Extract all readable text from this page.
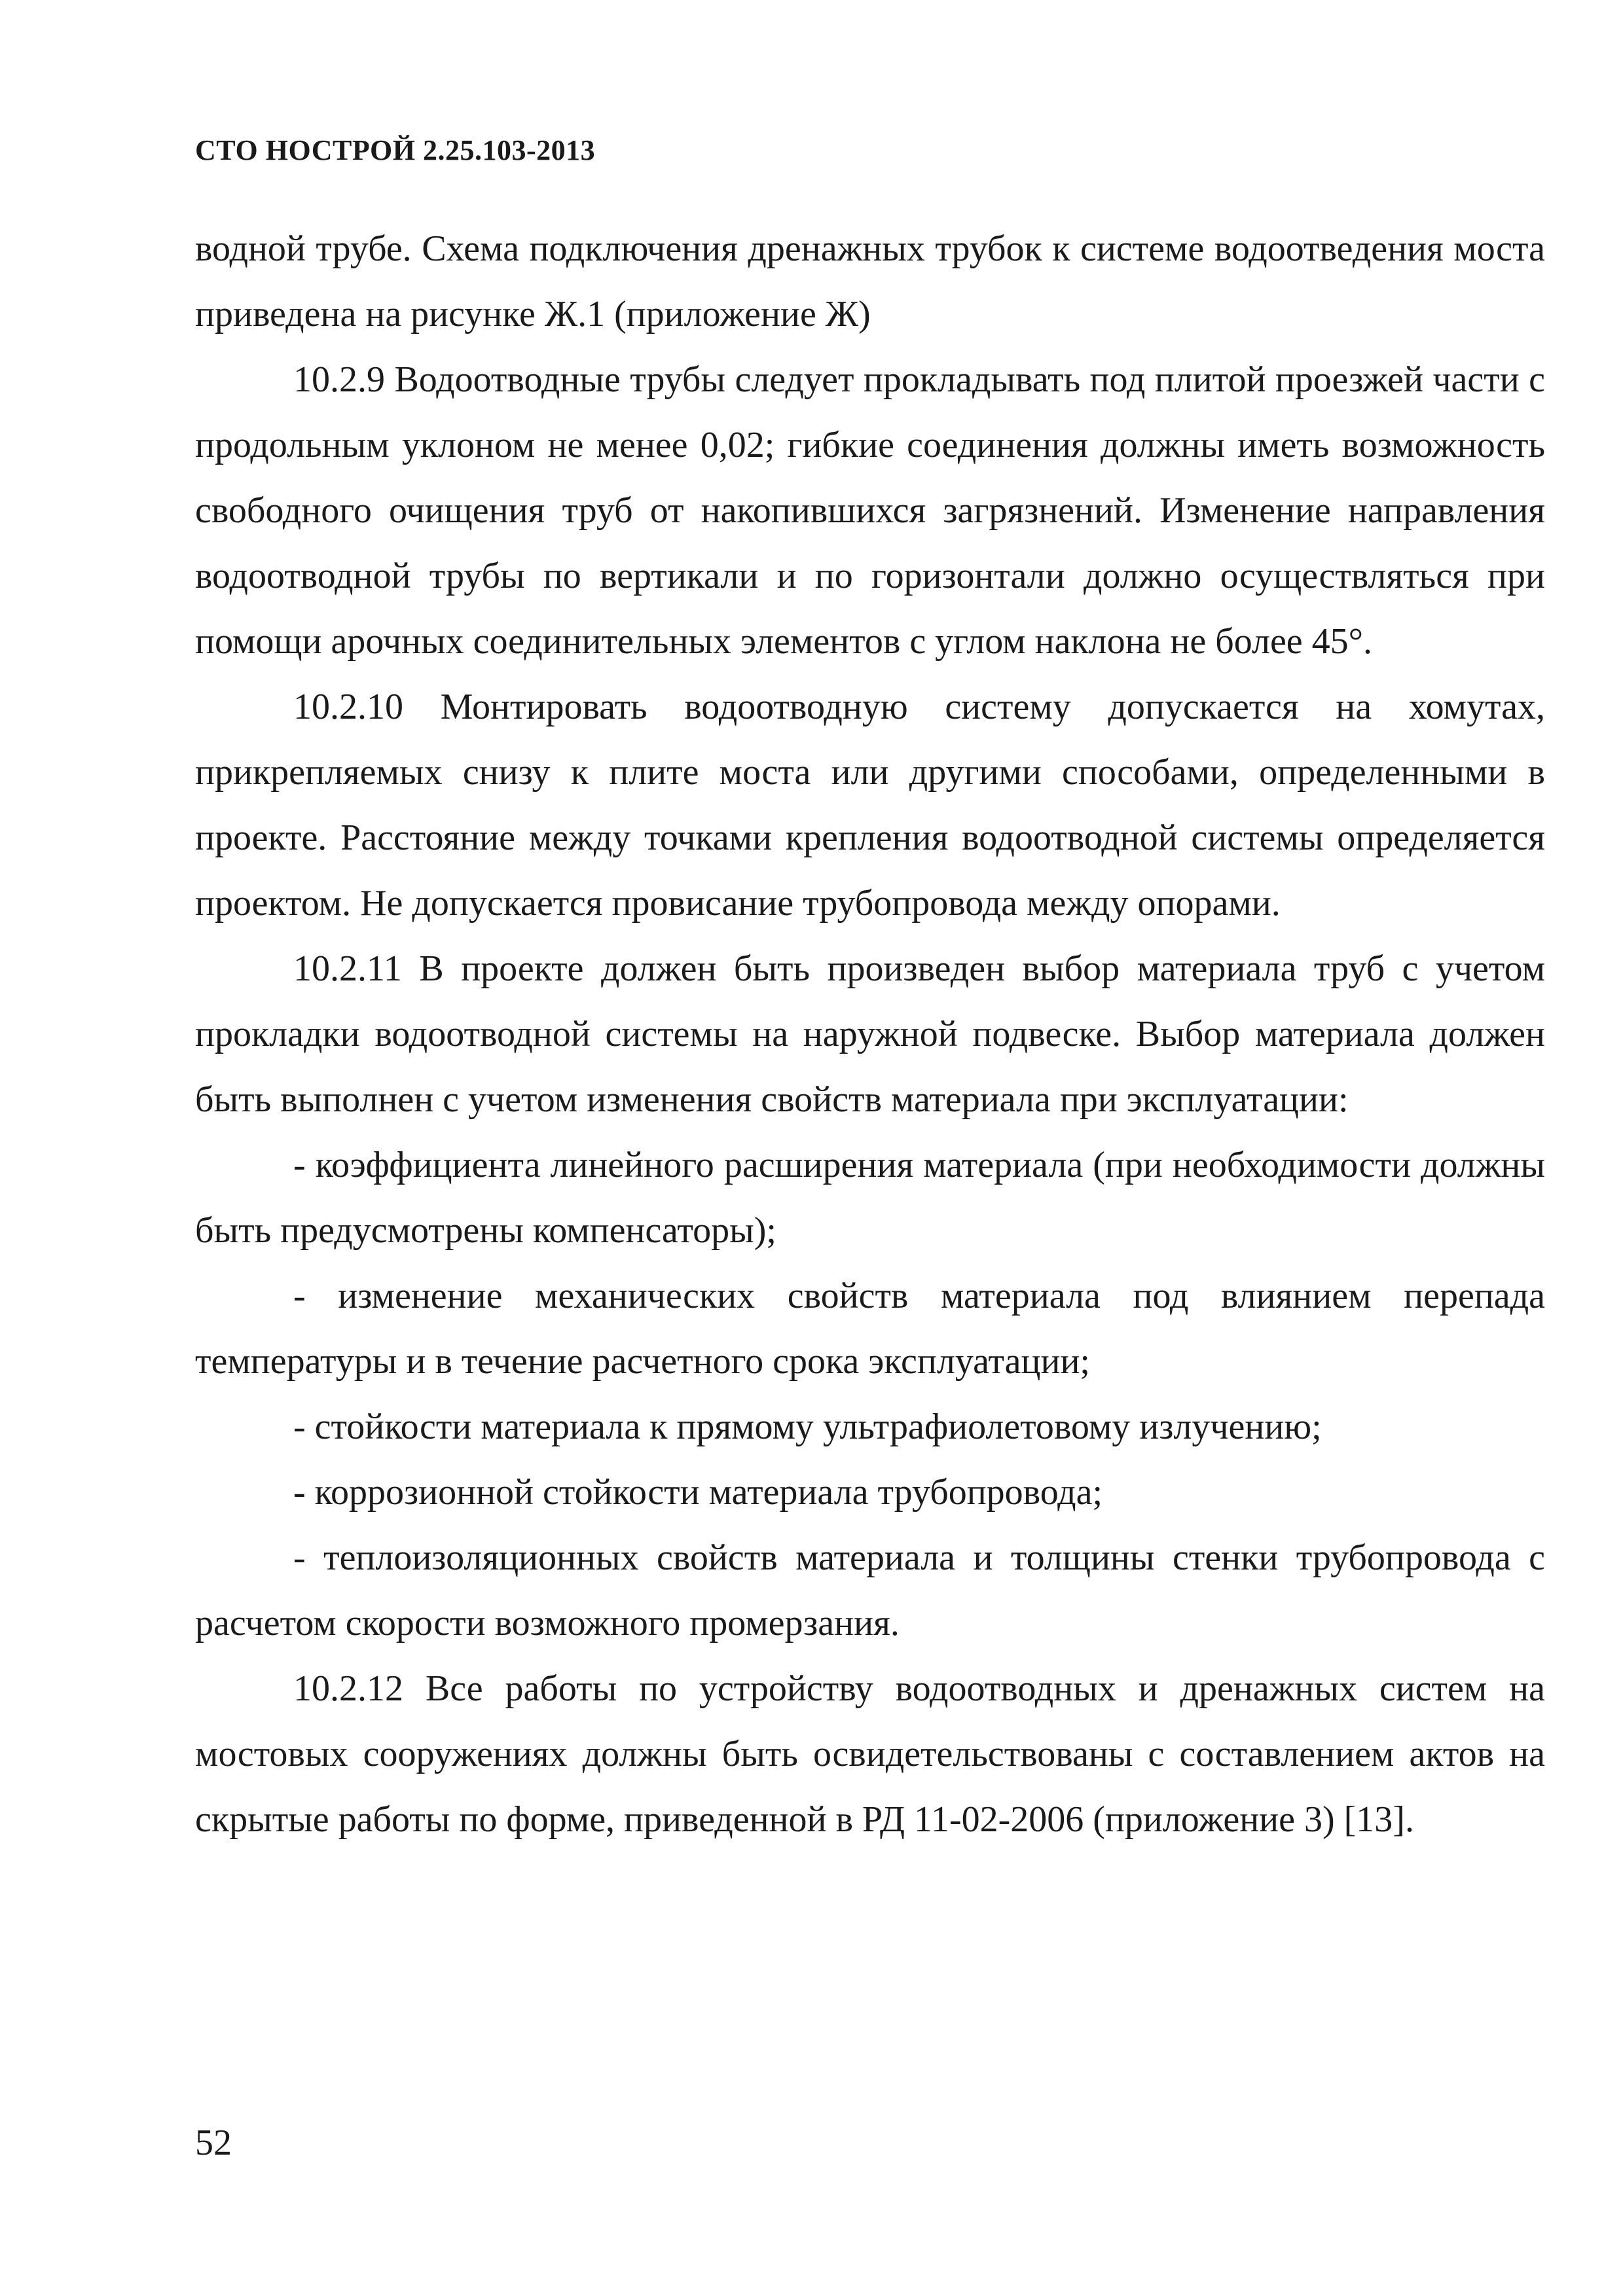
СТО НОСТРОЙ 2.25.103-2013

водной трубе. Схема подключения дренажных трубок к системе водоотведения моста приведена на рисунке Ж.1 (приложение Ж)

10.2.9 Водоотводные трубы следует прокладывать под плитой проезжей части с продольным уклоном не менее 0,02; гибкие соединения должны иметь возможность свободного очищения труб от накопившихся загрязнений. Изменение направления водоотводной трубы по вертикали и по горизонтали должно осуществляться при помощи арочных соединительных элементов с углом наклона не более 45°.

10.2.10 Монтировать водоотводную систему допускается на хомутах, прикрепляемых снизу к плите моста или другими способами, определенными в проекте. Расстояние между точками крепления водоотводной системы определяется проектом. Не допускается провисание трубопровода между опорами.

10.2.11 В проекте должен быть произведен выбор материала труб с учетом прокладки водоотводной системы на наружной подвеске. Выбор материала должен быть выполнен с учетом изменения свойств материала при эксплуатации:

- коэффициента линейного расширения материала (при необходимости должны быть предусмотрены компенсаторы);

- изменение механических свойств материала под влиянием перепада температуры и в течение расчетного срока эксплуатации;

- стойкости материала к прямому ультрафиолетовому излучению;

- коррозионной стойкости материала трубопровода;

- теплоизоляционных свойств материала и толщины стенки трубопровода с расчетом скорости возможного промерзания.

10.2.12 Все работы по устройству водоотводных и дренажных систем на мостовых сооружениях должны быть освидетельствованы с составлением актов на скрытые работы по форме, приведенной в РД 11-02-2006 (приложение 3) [13].

52
